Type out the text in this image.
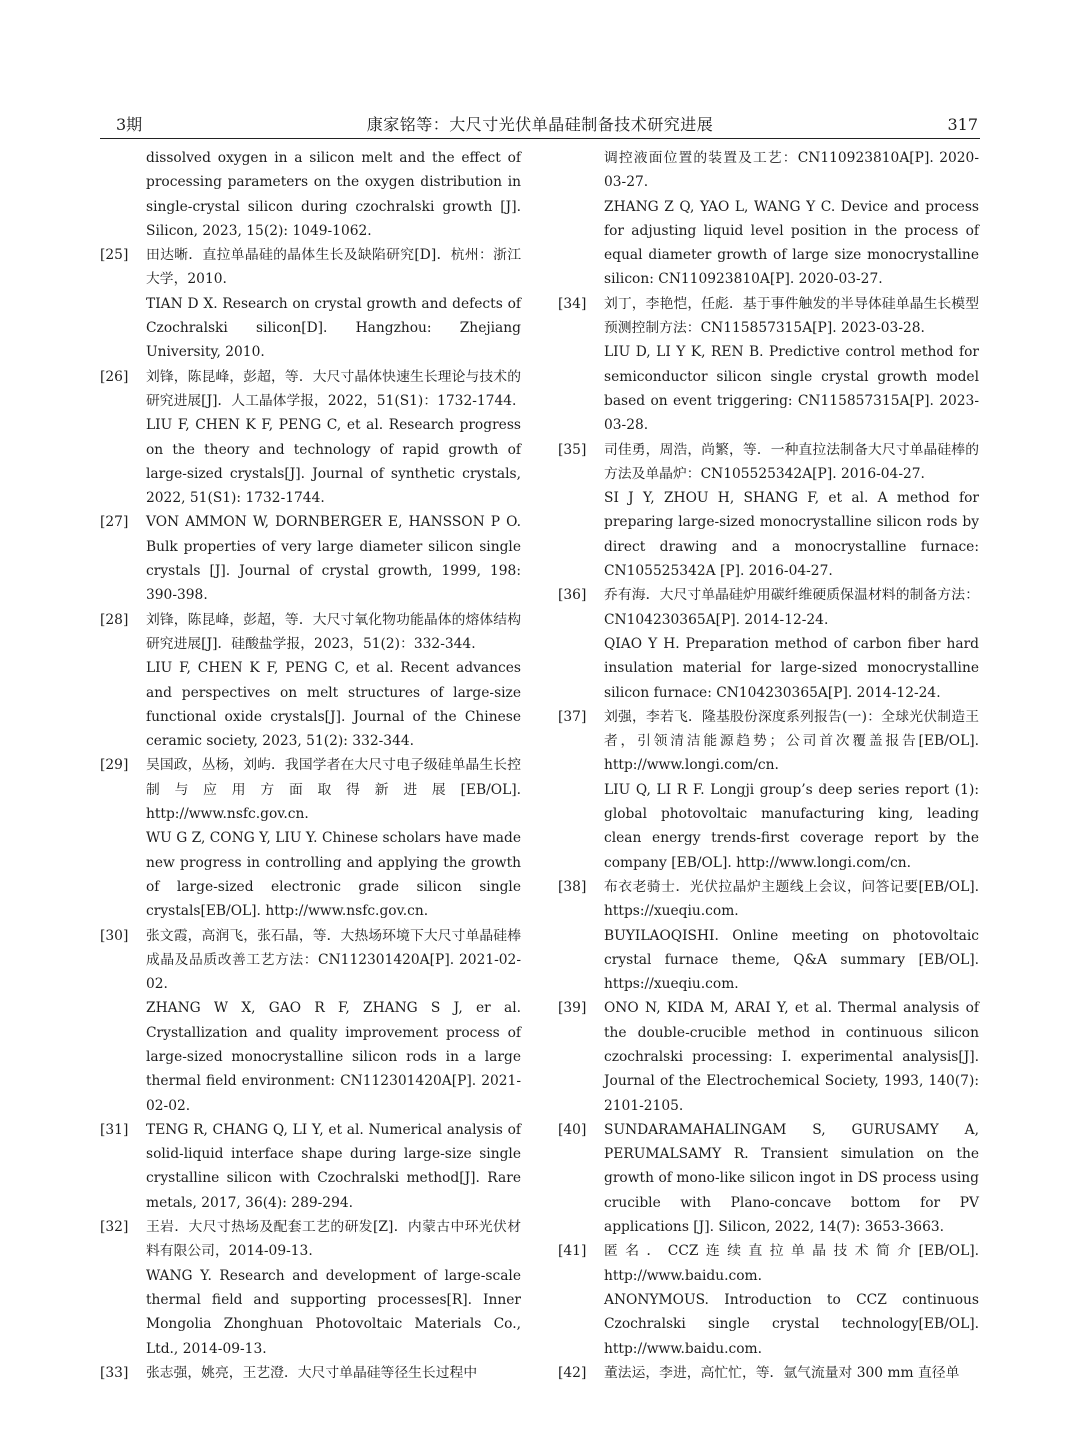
3期	康家铭等：大尺寸光伏单晶硅制备技术研究进展	317

dissolved oxygen in a silicon melt and the effect of processing parameters on the oxygen distribution in single-crystal silicon during czochralski growth [J]. Silicon, 2023, 15(2): 1049-1062.

[25] 田达晰．直拉单晶硅的晶体生长及缺陷研究[D]．杭州：浙江大学，2010.

TIAN D X. Research on crystal growth and defects of Czochralski silicon[D]. Hangzhou: Zhejiang University, 2010.

[26] 刘锋，陈昆峰，彭超，等．大尺寸晶体快速生长理论与技术的研究进展[J]．人工晶体学报，2022，51(S1)：1732-1744.

LIU F, CHEN K F, PENG C, et al. Research progress on the theory and technology of rapid growth of large-sized crystals[J]. Journal of synthetic crystals, 2022, 51(S1): 1732-1744.

[27] VON AMMON W, DORNBERGER E, HANSSON P O. Bulk properties of very large diameter silicon single crystals [J]. Journal of crystal growth, 1999, 198: 390-398.

[28] 刘锋，陈昆峰，彭超，等．大尺寸氧化物功能晶体的熔体结构研究进展[J]．硅酸盐学报，2023，51(2)：332-344.

LIU F, CHEN K F, PENG C, et al. Recent advances and perspectives on melt structures of large-size functional oxide crystals[J]. Journal of the Chinese ceramic society, 2023, 51(2): 332-344.

[29] 吴国政，丛杨，刘屿．我国学者在大尺寸电子级硅单晶生长控制与应用方面取得新进展[EB/OL]. http://www.nsfc.gov.cn.

WU G Z, CONG Y, LIU Y. Chinese scholars have made new progress in controlling and applying the growth of large-sized electronic grade silicon single crystals[EB/OL]. http://www.nsfc.gov.cn.

[30] 张文霞，高润飞，张石晶，等．大热场环境下大尺寸单晶硅棒成晶及品质改善工艺方法：CN112301420A[P]. 2021-02-02.

ZHANG W X, GAO R F, ZHANG S J, er al. Crystallization and quality improvement process of large-sized monocrystalline silicon rods in a large thermal field environment: CN112301420A[P]. 2021-02-02.

[31] TENG R, CHANG Q, LI Y, et al. Numerical analysis of solid-liquid interface shape during large-size single crystalline silicon with Czochralski method[J]. Rare metals, 2017, 36(4): 289-294.

[32] 王岩．大尺寸热场及配套工艺的研发[Z]．内蒙古中环光伏材料有限公司，2014-09-13.

WANG Y. Research and development of large-scale thermal field and supporting processes[R]. Inner Mongolia Zhonghuan Photovoltaic Materials Co., Ltd., 2014-09-13.

[33] 张志强，姚亮，王艺澄．大尺寸单晶硅等径生长过程中

调控液面位置的装置及工艺：CN110923810A[P]. 2020-03-27.

ZHANG Z Q, YAO L, WANG Y C. Device and process for adjusting liquid level position in the process of equal diameter growth of large size monocrystalline silicon: CN110923810A[P]. 2020-03-27.

[34] 刘丁，李艳恺，任彪．基于事件触发的半导体硅单晶生长模型预测控制方法：CN115857315A[P]. 2023-03-28.

LIU D, LI Y K, REN B. Predictive control method for semiconductor silicon single crystal growth model based on event triggering: CN115857315A[P]. 2023-03-28.

[35] 司佳勇，周浩，尚繁，等．一种直拉法制备大尺寸单晶硅棒的方法及单晶炉：CN105525342A[P]. 2016-04-27.

SI J Y, ZHOU H, SHANG F, et al. A method for preparing large-sized monocrystalline silicon rods by direct drawing and a monocrystalline furnace: CN105525342A [P]. 2016-04-27.

[36] 乔有海．大尺寸单晶硅炉用碳纤维硬质保温材料的制备方法：CN104230365A[P]. 2014-12-24.

QIAO Y H. Preparation method of carbon fiber hard insulation material for large-sized monocrystalline silicon furnace: CN104230365A[P]. 2014-12-24.

[37] 刘强，李若飞．隆基股份深度系列报告(一)：全球光伏制造王者，引领清洁能源趋势；公司首次覆盖报告[EB/OL]. http://www.longi.com/cn.

LIU Q, LI R F. Longji group’s deep series report (1): global photovoltaic manufacturing king, leading clean energy trends-first coverage report by the company [EB/OL]. http://www.longi.com/cn.

[38] 布衣老骑士．光伏拉晶炉主题线上会议，问答记要[EB/OL]. https://xueqiu.com.

BUYILAOQISHI. Online meeting on photovoltaic crystal furnace theme, Q&A summary [EB/OL]. https://xueqiu.com.

[39] ONO N, KIDA M, ARAI Y, et al. Thermal analysis of the double-crucible method in continuous silicon czochralski processing: I. experimental analysis[J]. Journal of the Electrochemical Society, 1993, 140(7): 2101-2105.

[40] SUNDARAMAHALINGAM S, GURUSAMY A, PERUMALSAMY R. Transient simulation on the growth of mono-like silicon ingot in DS process using crucible with Plano-concave bottom for PV applications [J]. Silicon, 2022, 14(7): 3653-3663.

[41] 匿名．CCZ连续直拉单晶技术简介[EB/OL]. http://www.baidu.com.

ANONYMOUS. Introduction to CCZ continuous Czochralski single crystal technology[EB/OL]. http://www.baidu.com.

[42] 董法运，李进，高忙忙，等．氩气流量对 300 mm 直径单
